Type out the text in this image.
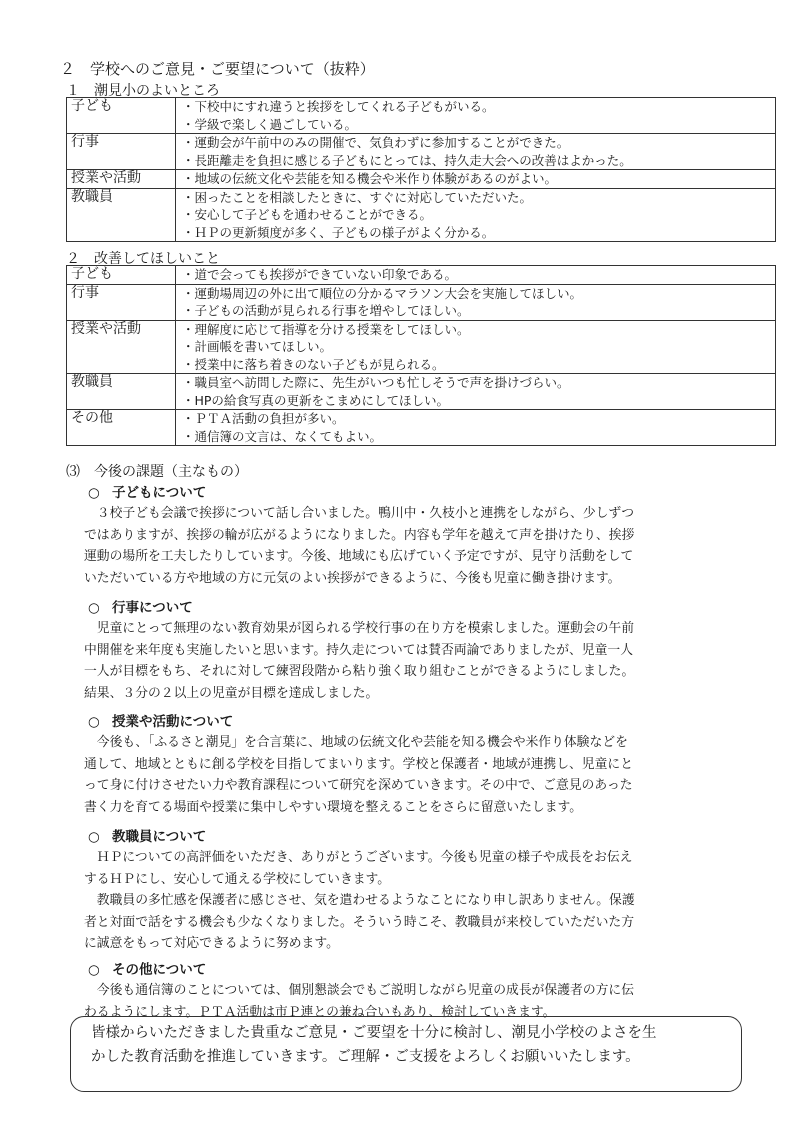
２　学校へのご意見・ご要望について（抜粋）
１　潮見小のよいところ
子ども	・下校中にすれ違うと挨拶をしてくれる子どもがいる。
・学級で楽しく過ごしている。

行事	・運動会が午前中のみの開催で、気負わずに参加することができた。
・長距離走を負担に感じる子どもにとっては、持久走大会への改善はよかった。

授業や活動	・地域の伝統文化や芸能を知る機会や米作り体験があるのがよい。

教職員	・困ったことを相談したときに、すぐに対応していただいた。
・安心して子どもを通わせることができる。
・ＨＰの更新頻度が多く、子どもの様子がよく分かる。
２　改善してほしいこと
子ども	・道で会っても挨拶ができていない印象である。

行事	・運動場周辺の外に出て順位の分かるマラソン大会を実施してほしい。
・子どもの活動が見られる行事を増やしてほしい。

授業や活動	・理解度に応じて指導を分ける授業をしてほしい。
・計画帳を書いてほしい。
・授業中に落ち着きのない子どもが見られる。

教職員	・職員室へ訪問した際に、先生がいつも忙しそうで声を掛けづらい。
・HPの給食写真の更新をこまめにしてほしい。

その他	・ＰＴＡ活動の負担が多い。
・通信簿の文言は、なくてもよい。
⑶　今後の課題（主なもの）
○ 子どもについて
　３校子ども会議で挨拶について話し合いました。鴨川中・久枝小と連携をしながら、少しずつ
ではありますが、挨拶の輪が広がるようになりました。内容も学年を越えて声を掛けたり、挨拶
運動の場所を工夫したりしています。今後、地域にも広げていく予定ですが、見守り活動をして
いただいている方や地域の方に元気のよい挨拶ができるように、今後も児童に働き掛けます。
○ 行事について
　児童にとって無理のない教育効果が図られる学校行事の在り方を模索しました。運動会の午前
中開催を来年度も実施したいと思います。持久走については賛否両論でありましたが、児童一人
一人が目標をもち、それに対して練習段階から粘り強く取り組むことができるようにしました。
結果、３分の２以上の児童が目標を達成しました。
○ 授業や活動について
　今後も、「ふるさと潮見」を合言葉に、地域の伝統文化や芸能を知る機会や米作り体験などを
通して、地域とともに創る学校を目指してまいります。学校と保護者・地域が連携し、児童にと
って身に付けさせたい力や教育課程について研究を深めていきます。その中で、ご意見のあった
書く力を育てる場面や授業に集中しやすい環境を整えることをさらに留意いたします。
○ 教職員について
　ＨＰについての高評価をいただき、ありがとうございます。今後も児童の様子や成長をお伝え
するＨＰにし、安心して通える学校にしていきます。
　教職員の多忙感を保護者に感じさせ、気を遣わせるようなことになり申し訳ありません。保護
者と対面で話をする機会も少なくなりました。そういう時こそ、教職員が来校していただいた方
に誠意をもって対応できるように努めます。
○ その他について
　今後も通信簿のことについては、個別懇談会でもご説明しながら児童の成長が保護者の方に伝
わるようにします。ＰＴＡ活動は市Ｐ連との兼ね合いもあり、検討していきます。
皆様からいただきました貴重なご意見・ご要望を十分に検討し、潮見小学校のよさを生
かした教育活動を推進していきます。ご理解・ご支援をよろしくお願いいたします。
